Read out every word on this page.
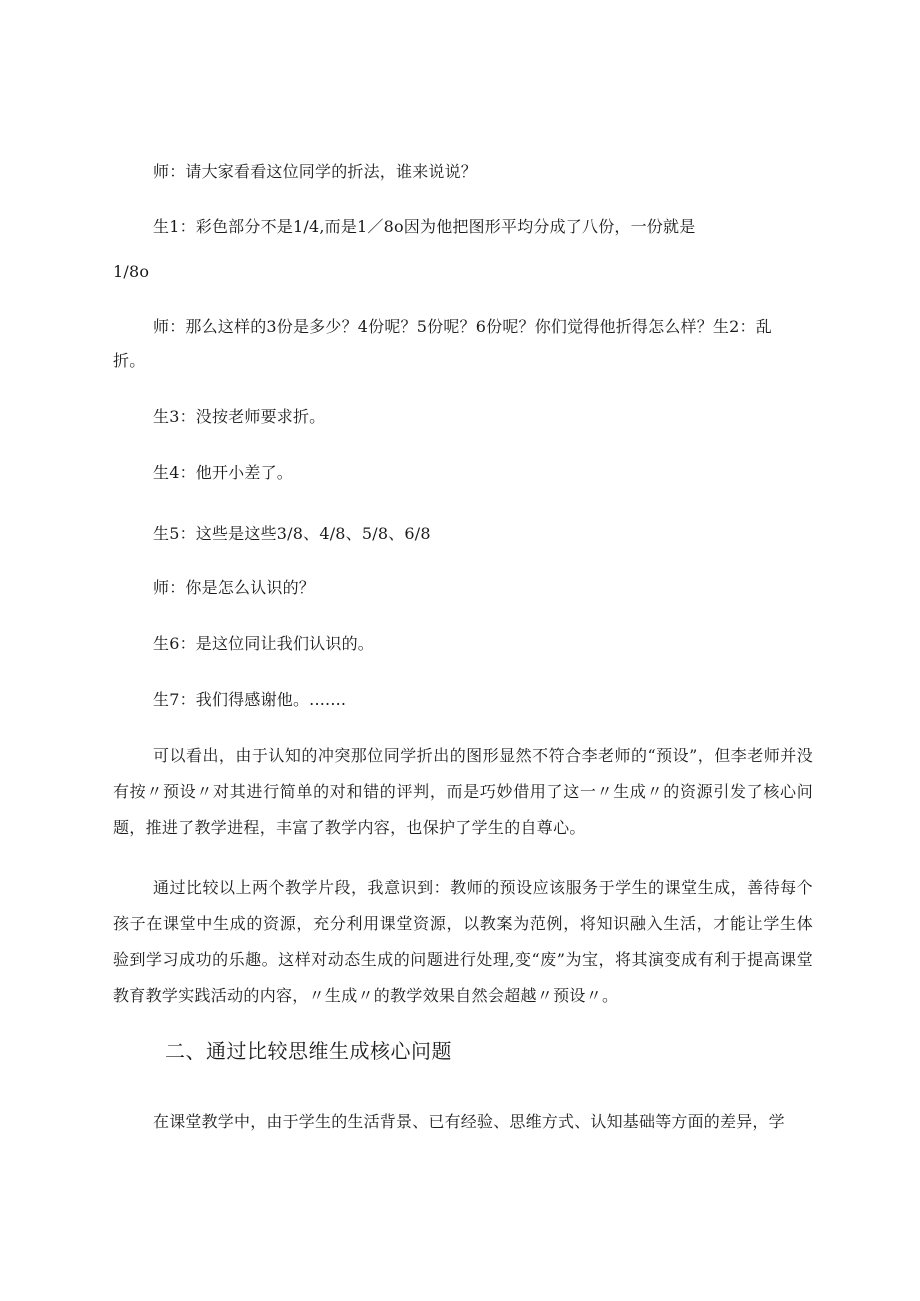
师：请大家看看这位同学的折法，谁来说说？
生1：彩色部分不是1/4,而是1／8o因为他把图形平均分成了八份，一份就是
1/8o
师：那么这样的3份是多少？4份呢？5份呢？6份呢？你们觉得他折得怎么样？生2：乱
折。
生3：没按老师要求折。
生4：他开小差了。
生5：这些是这些3/8、4/8、5/8、6/8
师：你是怎么认识的？
生6：是这位同让我们认识的。
生7：我们得感谢他。.......
可以看出，由于认知的冲突那位同学折出的图形显然不符合李老师的“预设”，但李老师并没有按〃预设〃对其进行简单的对和错的评判，而是巧妙借用了这一〃生成〃的资源引发了核心问题，推进了教学进程，丰富了教学内容，也保护了学生的自尊心。
通过比较以上两个教学片段，我意识到：教师的预设应该服务于学生的课堂生成，善待每个孩子在课堂中生成的资源，充分利用课堂资源，以教案为范例，将知识融入生活，才能让学生体验到学习成功的乐趣。这样对动态生成的问题进行处理,变“废”为宝，将其演变成有利于提高课堂教育教学实践活动的内容，〃生成〃的教学效果自然会超越〃预设〃。
二、通过比较思维生成核心问题
在课堂教学中，由于学生的生活背景、已有经验、思维方式、认知基础等方面的差异，学
